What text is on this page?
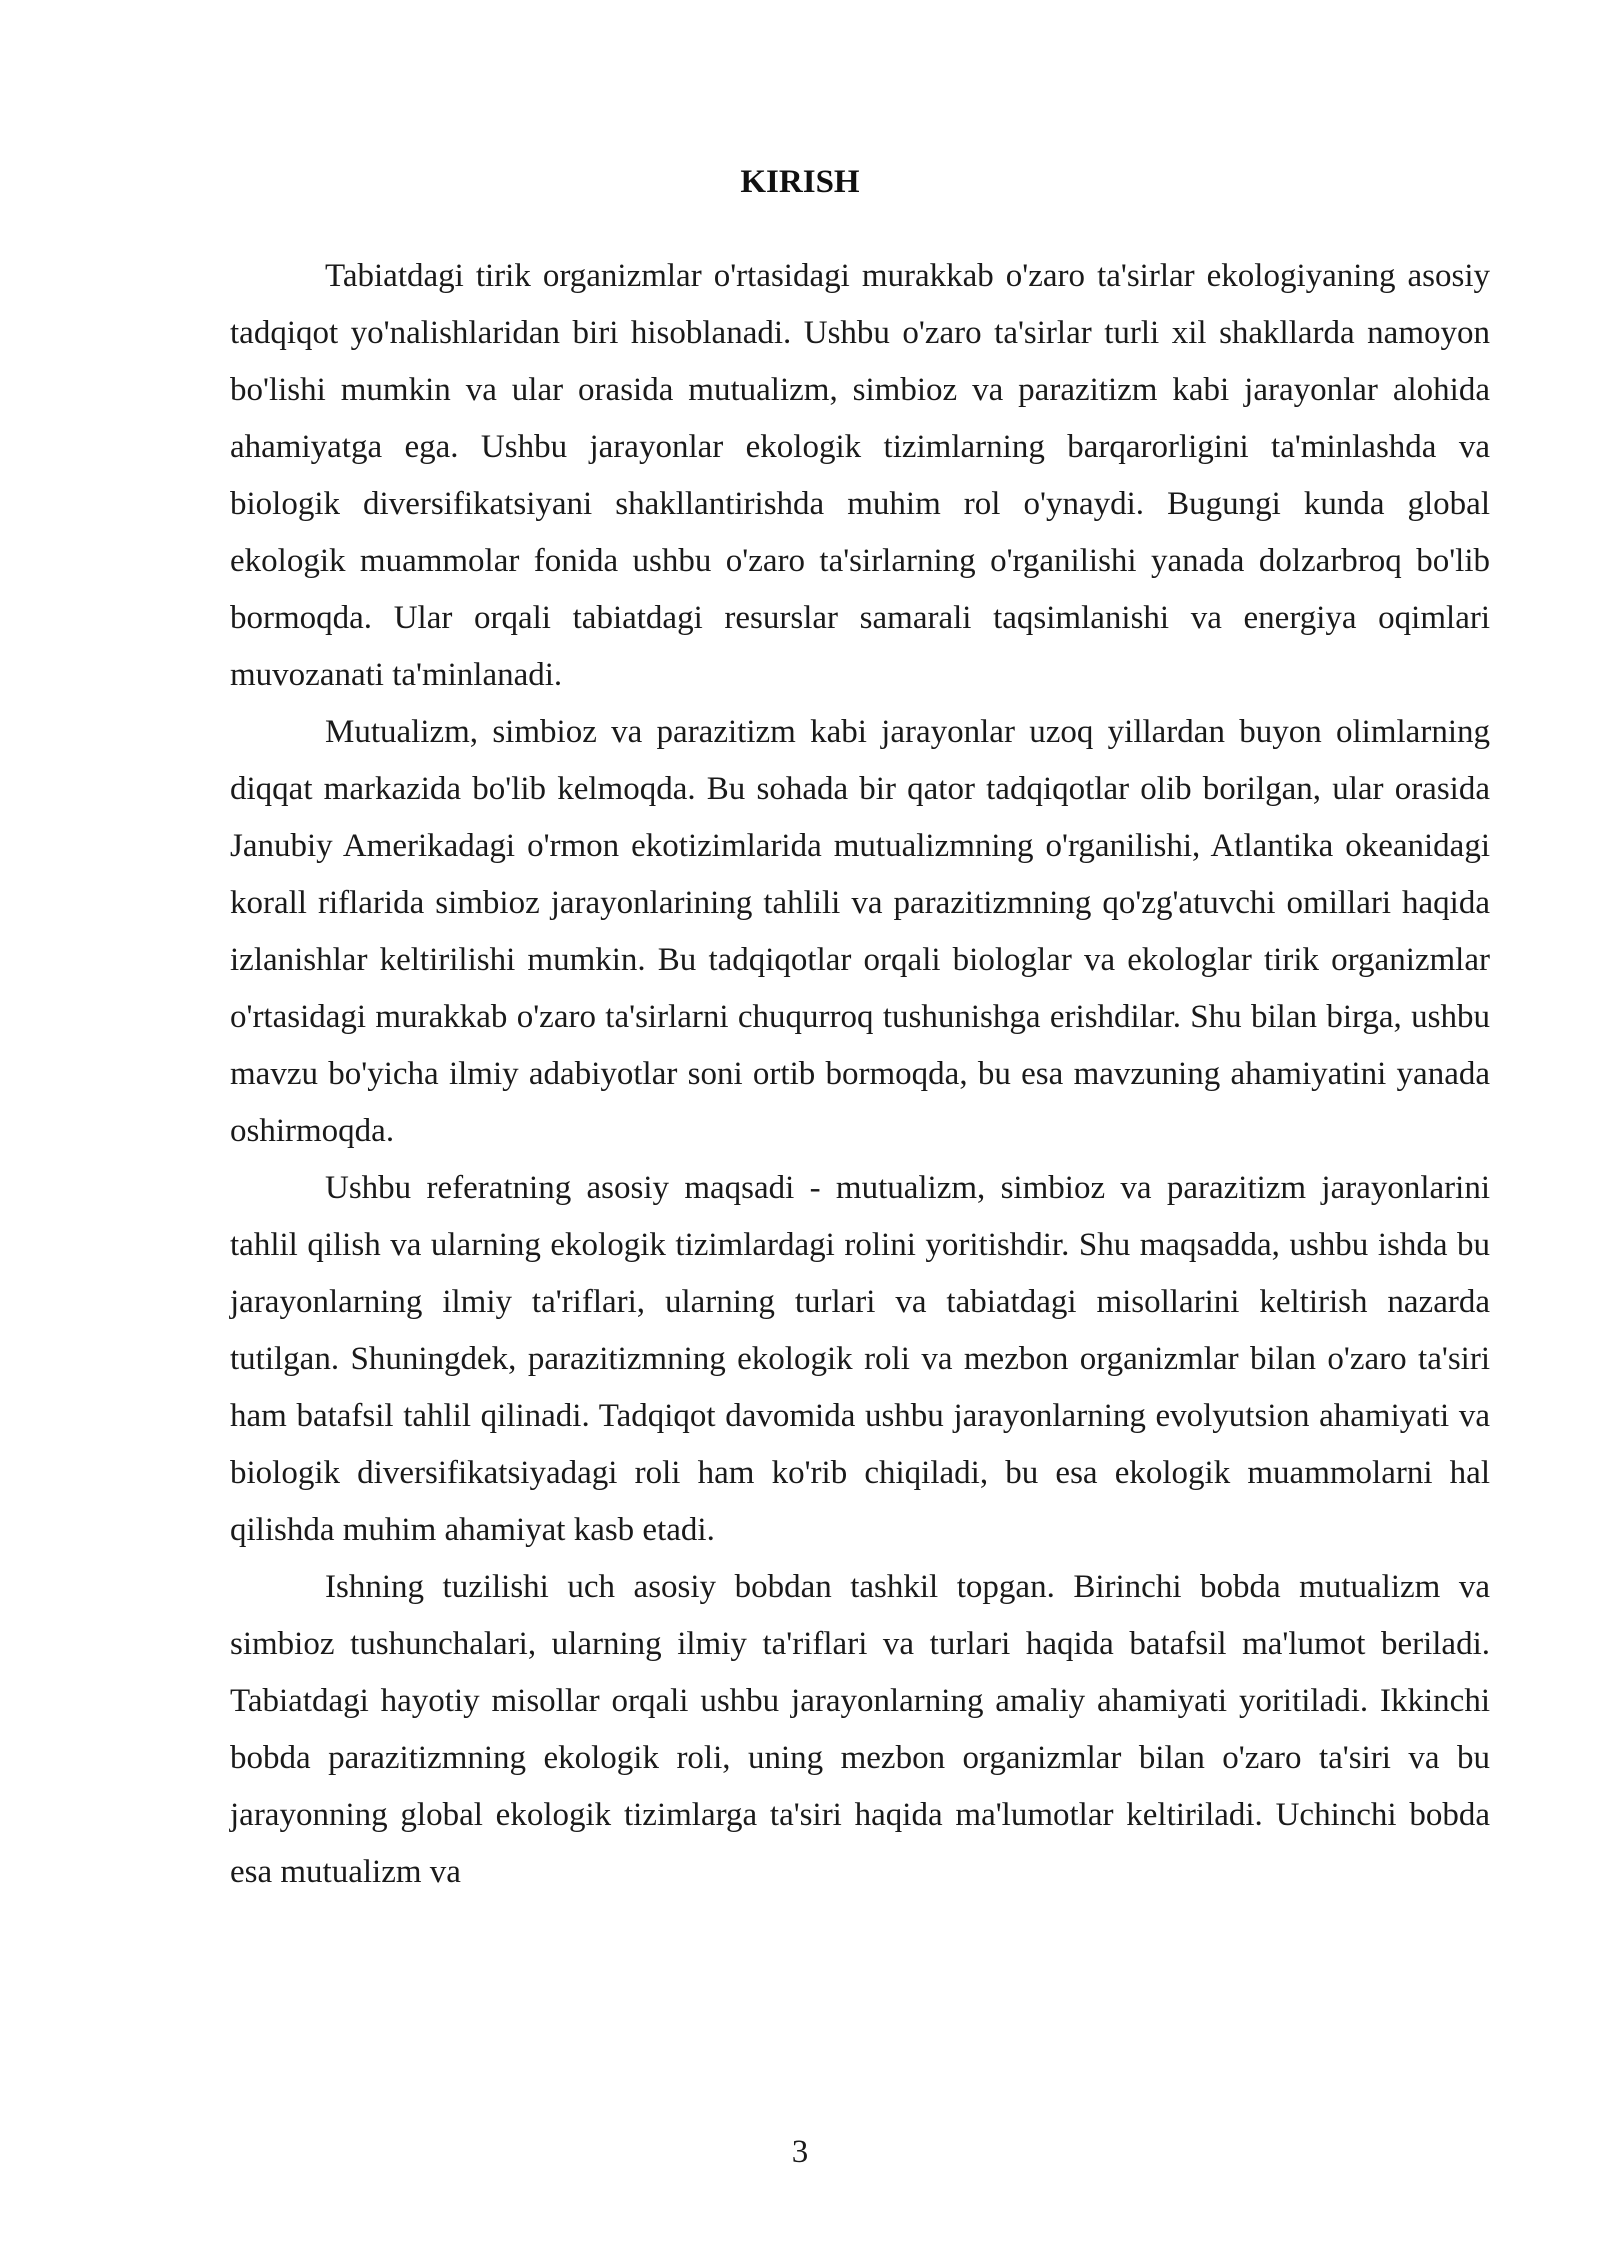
KIRISH

Tabiatdagi tirik organizmlar o'rtasidagi murakkab o'zaro ta'sirlar ekologiyaning asosiy tadqiqot yo'nalishlaridan biri hisoblanadi. Ushbu o'zaro ta'sirlar turli xil shakllarda namoyon bo'lishi mumkin va ular orasida mutualizm, simbioz va parazitizm kabi jarayonlar alohida ahamiyatga ega. Ushbu jarayonlar ekologik tizimlarning barqarorligini ta'minlashda va biologik diversifikatsiyani shakllantirishda muhim rol o'ynaydi. Bugungi kunda global ekologik muammolar fonida ushbu o'zaro ta'sirlarning o'rganilishi yanada dolzarbroq bo'lib bormoqda. Ular orqali tabiatdagi resurslar samarali taqsimlanishi va energiya oqimlari muvozanati ta'minlanadi.

Mutualizm, simbioz va parazitizm kabi jarayonlar uzoq yillardan buyon olimlarning diqqat markazida bo'lib kelmoqda. Bu sohada bir qator tadqiqotlar olib borilgan, ular orasida Janubiy Amerikadagi o'rmon ekotizimlarida mutualizmning o'rganilishi, Atlantika okeanidagi korall riflarida simbioz jarayonlarining tahlili va parazitizmning qo'zg'atuvchi omillari haqida izlanishlar keltirilishi mumkin. Bu tadqiqotlar orqali biologlar va ekologlar tirik organizmlar o'rtasidagi murakkab o'zaro ta'sirlarni chuqurroq tushunishga erishdilar. Shu bilan birga, ushbu mavzu bo'yicha ilmiy adabiyotlar soni ortib bormoqda, bu esa mavzuning ahamiyatini yanada oshirmoqda.

Ushbu referatning asosiy maqsadi - mutualizm, simbioz va parazitizm jarayonlarini tahlil qilish va ularning ekologik tizimlardagi rolini yoritishdir. Shu maqsadda, ushbu ishda bu jarayonlarning ilmiy ta'riflari, ularning turlari va tabiatdagi misollarini keltirish nazarda tutilgan. Shuningdek, parazitizmning ekologik roli va mezbon organizmlar bilan o'zaro ta'siri ham batafsil tahlil qilinadi. Tadqiqot davomida ushbu jarayonlarning evolyutsion ahamiyati va biologik diversifikatsiyadagi roli ham ko'rib chiqiladi, bu esa ekologik muammolarni hal qilishda muhim ahamiyat kasb etadi.

Ishning tuzilishi uch asosiy bobdan tashkil topgan. Birinchi bobda mutualizm va simbioz tushunchalari, ularning ilmiy ta'riflari va turlari haqida batafsil ma'lumot beriladi. Tabiatdagi hayotiy misollar orqali ushbu jarayonlarning amaliy ahamiyati yoritiladi. Ikkinchi bobda parazitizmning ekologik roli, uning mezbon organizmlar bilan o'zaro ta'siri va bu jarayonning global ekologik tizimlarga ta'siri haqida ma'lumotlar keltiriladi. Uchinchi bobda esa mutualizm va

3
